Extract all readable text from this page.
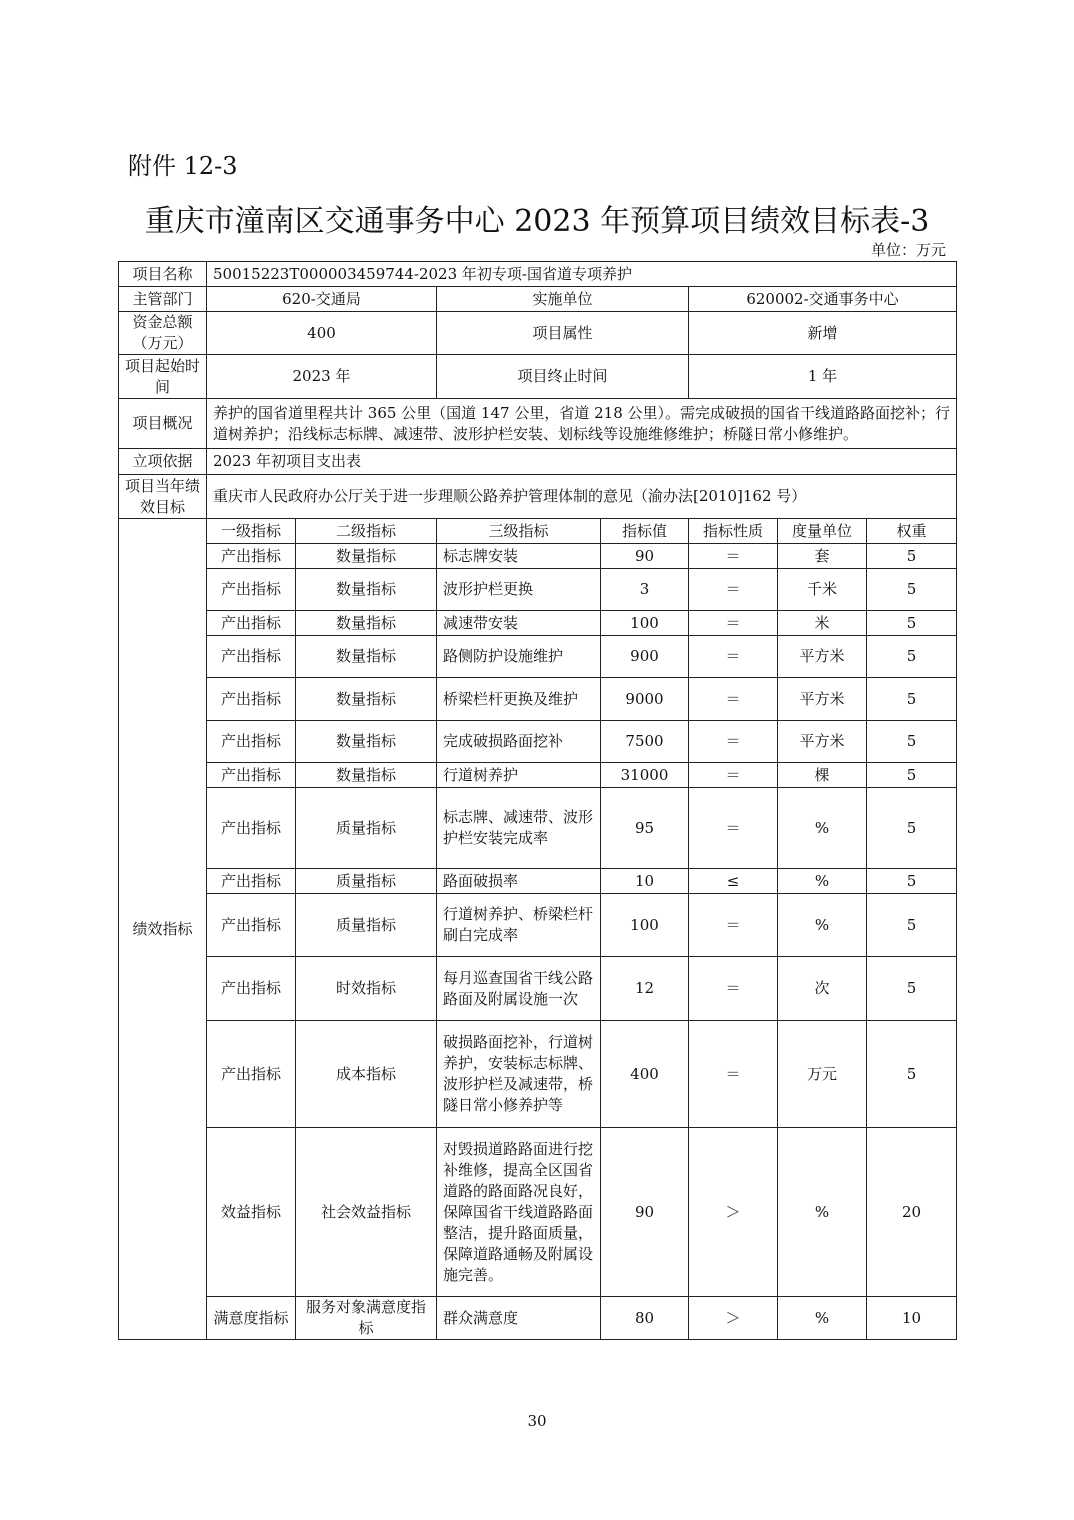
附件 12-3
重庆市潼南区交通事务中心 2023 年预算项目绩效目标表-3
单位：万元
项目名称	50015223T000003459744-2023 年初专项-国省道专项养护						
主管部门	620-交通局		实施单位		620002-交通事务中心		
资金总额（万元）	400		项目属性		新增		
项目起始时间	2023 年		项目终止时间		1 年		
项目概况	养护的国省道里程共计 365 公里（国道 147 公里，省道 218 公里）。需完成破损的国省干线道路路面挖补；行道树养护；沿线标志标牌、减速带、波形护栏安装、划标线等设施维修维护；桥隧日常小修维护。						
立项依据	2023 年初项目支出表						
项目当年绩效目标	重庆市人民政府办公厅关于进一步理顺公路养护管理体制的意见（渝办法[2010]162 号）						
绩效指标	一级指标	二级指标	三级指标	指标值	指标性质	度量单位	权重
	产出指标	数量指标	标志牌安装	90	＝	套	5
	产出指标	数量指标	波形护栏更换	3	＝	千米	5
	产出指标	数量指标	减速带安装	100	＝	米	5
	产出指标	数量指标	路侧防护设施维护	900	＝	平方米	5
	产出指标	数量指标	桥梁栏杆更换及维护	9000	＝	平方米	5
	产出指标	数量指标	完成破损路面挖补	7500	＝	平方米	5
	产出指标	数量指标	行道树养护	31000	＝	棵	5
	产出指标	质量指标	标志牌、减速带、波形护栏安装完成率	95	＝	%	5
	产出指标	质量指标	路面破损率	10	≤	%	5
	产出指标	质量指标	行道树养护、桥梁栏杆刷白完成率	100	＝	%	5
	产出指标	时效指标	每月巡查国省干线公路路面及附属设施一次	12	＝	次	5
	产出指标	成本指标	破损路面挖补，行道树养护，安装标志标牌、波形护栏及减速带，桥隧日常小修养护等	400	＝	万元	5
	效益指标	社会效益指标	对毁损道路路面进行挖补维修，提高全区国省道路的路面路况良好，保障国省干线道路路面整洁，提升路面质量，保障道路通畅及附属设施完善。	90	＞	%	20
	满意度指标	服务对象满意度指标	群众满意度	80	＞	%	10
30
